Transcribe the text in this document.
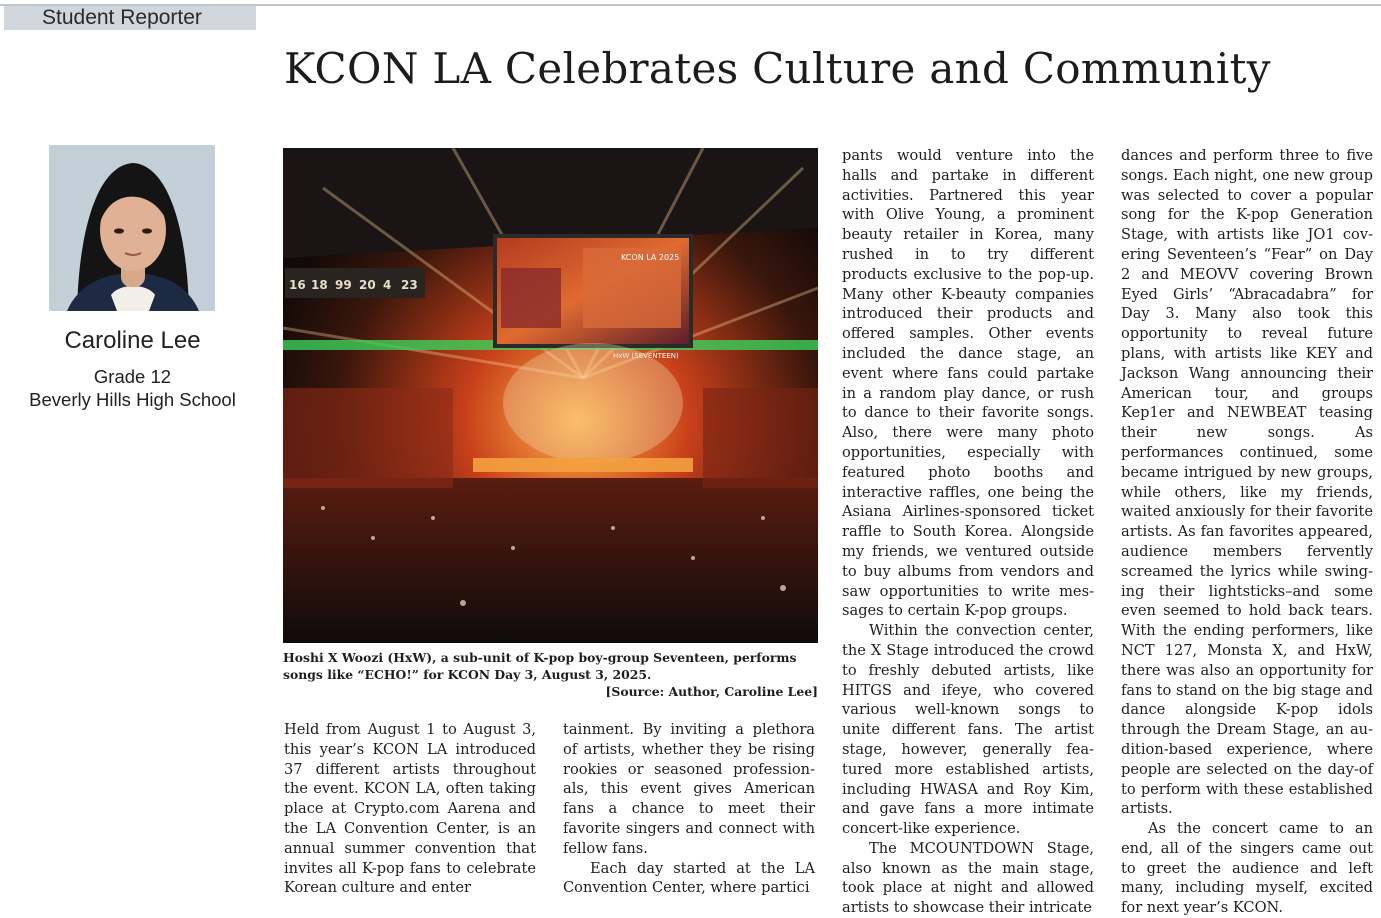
Student Reporter
KCON LA Celebrates Culture and Community
Caroline Lee
Grade 12
Beverly Hills High School
KCON LA 2025
HxW (SEVENTEEN)
16 18 99 20 4 23
Hoshi X Woozi (HxW), a sub-unit of K-pop boy-group Seventeen, performs songs like “ECHO!” for KCON Day 3, August 3, 2025.
[Source: Author, Caroline Lee]

Held from August 1 to August 3, this year’s KCON LA introduced 37 different artists throughout the event. KCON LA, often taking place at Crypto.com Aarena and the LA Convention Center, is an annual summer convention that invites all K-pop fans to celebrate Korean culture and enter

tainment. By inviting a plethora of artists, whether they be rising rookies or seasoned professionals, this event gives American fans a chance to meet their favorite singers and connect with fellow fans.

Each day started at the LA Convention Center, where partici

pants would venture into the halls and partake in different activities. Partnered this year with Olive Young, a prominent beauty retailer in Korea, many rushed in to try different products exclusive to the pop-up. Many other K-beauty companies introduced their products and offered samples. Other events included the dance stage, an event where fans could partake in a random play dance, or rush to dance to their favorite songs. Also, there were many photo opportunities, especially with featured photo booths and interactive raffles, one being the Asiana Airlines-sponsored ticket raffle to South Korea. Alongside my friends, we ventured outside to buy albums from vendors and saw opportunities to write messages to certain K-pop groups.

Within the convection center, the X Stage introduced the crowd to freshly debuted artists, like HITGS and ifeye, who covered various well-known songs to unite different fans. The artist stage, however, generally featured more established artists, including HWASA and Roy Kim, and gave fans a more intimate concert-like experience.

The MCOUNTDOWN Stage, also known as the main stage, took place at night and allowed artists to showcase their intricate

dances and perform three to five songs. Each night, one new group was selected to cover a popular song for the K-pop Generation Stage, with artists like JO1 covering Seventeen’s “Fear” on Day 2 and MEOVV covering Brown Eyed Girls’ “Abracadabra” for Day 3. Many also took this opportunity to reveal future plans, with artists like KEY and Jackson Wang announcing their American tour, and groups Kep1er and NEWBEAT teasing their new songs. As performances continued, some became intrigued by new groups, while others, like my friends, waited anxiously for their favorite artists. As fan favorites appeared, audience members fervently screamed the lyrics while swinging their lightsticks–and some even seemed to hold back tears. With the ending performers, like NCT 127, Monsta X, and HxW, there was also an opportunity for fans to stand on the big stage and dance alongside K-pop idols through the Dream Stage, an audition-based experience, where people are selected on the day-of to perform with these established artists.

As the concert came to an end, all of the singers came out to greet the audience and left many, including myself, excited for next year’s KCON.
